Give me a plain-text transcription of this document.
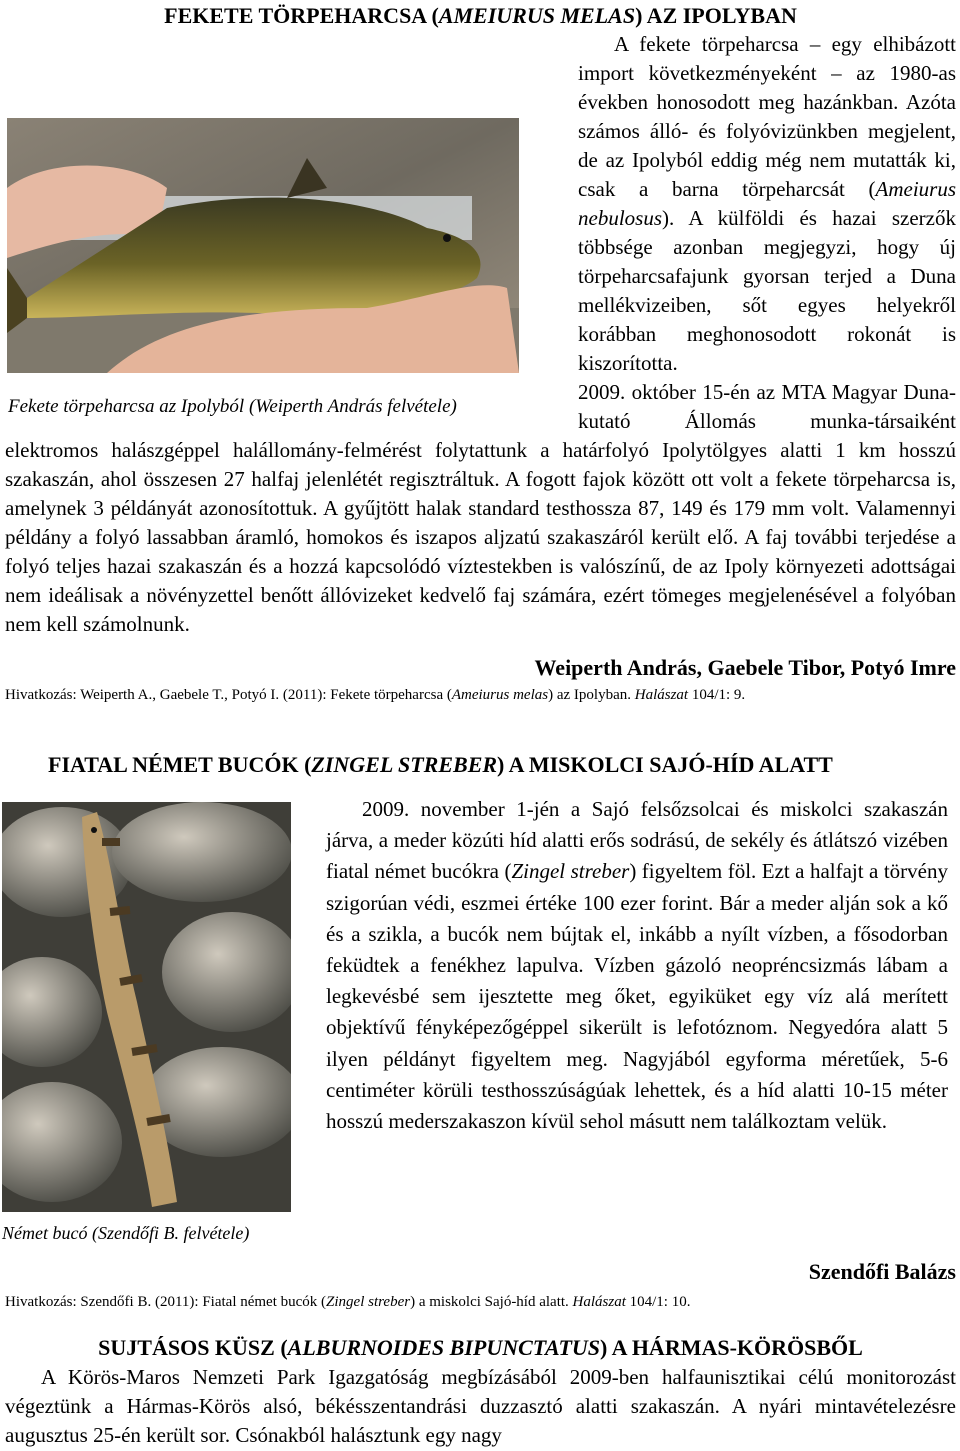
FEKETE TÖRPEHARCSA (AMEIURUS MELAS) AZ IPOLYBAN

Fekete törpeharcsa az Ipolyból (Weiperth András felvétele)
A fekete törpeharcsa – egy elhibázott import következményeként – az 1980-as években honosodott meg hazánkban. Azóta számos álló- és folyóvizünkben megjelent, de az Ipolyból eddig még nem mutatták ki, csak a barna törpeharcsát (Ameiurus nebulosus). A külföldi és hazai szerzők többsége azonban megjegyzi, hogy új törpeharcsafajunk gyorsan terjed a Duna mellékvizeiben, sőt egyes helyekről korábban meghonosodott rokonát is kiszorította.
2009. október 15-én az MTA Magyar Duna-kutató Állomás munka-társaiként elektromos halászgéppel halállomány-felmérést folytattunk a határfolyó Ipolytölgyes alatti 1 km hosszú szakaszán, ahol összesen 27 halfaj jelenlétét regisztráltuk. A fogott fajok között ott volt a fekete törpeharcsa is, amelynek 3 példányát azonosítottuk. A gyűjtött halak standard testhossza 87, 149 és 179 mm volt. Valamennyi példány a folyó lassabban áramló, homokos és iszapos aljzatú szakaszáról került elő. A faj további terjedése a folyó teljes hazai szakaszán és a hozzá kapcsolódó víztestekben is valószínű, de az Ipoly környezeti adottságai nem ideálisak a növényzettel benőtt állóvizeket kedvelő faj számára, ezért tömeges megjelenésével a folyóban nem kell számolnunk.

Weiperth András, Gaebele Tibor, Potyó Imre

Hivatkozás: Weiperth A., Gaebele T., Potyó I. (2011): Fekete törpeharcsa (Ameiurus melas) az Ipolyban. Halászat 104/1: 9.

FIATAL NÉMET BUCÓK (ZINGEL STREBER) A MISKOLCI SAJÓ-HÍD ALATT
Német bucó (Szendőfi B. felvétele)
2009. november 1-jén a Sajó felsőzsolcai és miskolci szakaszán járva, a meder közúti híd alatti erős sodrású, de sekély és átlátszó vizében fiatal német bucókra (Zingel streber) figyeltem föl. Ezt a halfajt a törvény szigorúan védi, eszmei értéke 100 ezer forint. Bár a meder alján sok a kő és a szikla, a bucók nem bújtak el, inkább a nyílt vízben, a fősodorban feküdtek a fenékhez lapulva. Vízben gázoló neopréncsizmás lábam a legkevésbé sem ijesztette meg őket, egyiküket egy víz alá merített objektívű fényképezőgéppel sikerült is lefotóznom. Negyedóra alatt 5 ilyen példányt figyeltem meg. Nagyjából egyforma méretűek, 5-6 centiméter körüli testhosszúságúak lehettek, és a híd alatti 10-15 méter hosszú mederszakaszon kívül sehol másutt nem találkoztam velük.

Szendőfi Balázs

Hivatkozás: Szendőfi B. (2011): Fiatal német bucók (Zingel streber) a miskolci Sajó-híd alatt. Halászat 104/1: 10.

SUJTÁSOS KÜSZ (ALBURNOIDES BIPUNCTATUS) A HÁRMAS-KÖRÖSBŐL

A Körös-Maros Nemzeti Park Igazgatóság megbízásából 2009-ben halfaunisztikai célú monitorozást végeztünk a Hármas-Körös alsó, békésszentandrási duzzasztó alatti szakaszán. A nyári mintavételezésre augusztus 25-én került sor. Csónakból halásztunk egy nagy
